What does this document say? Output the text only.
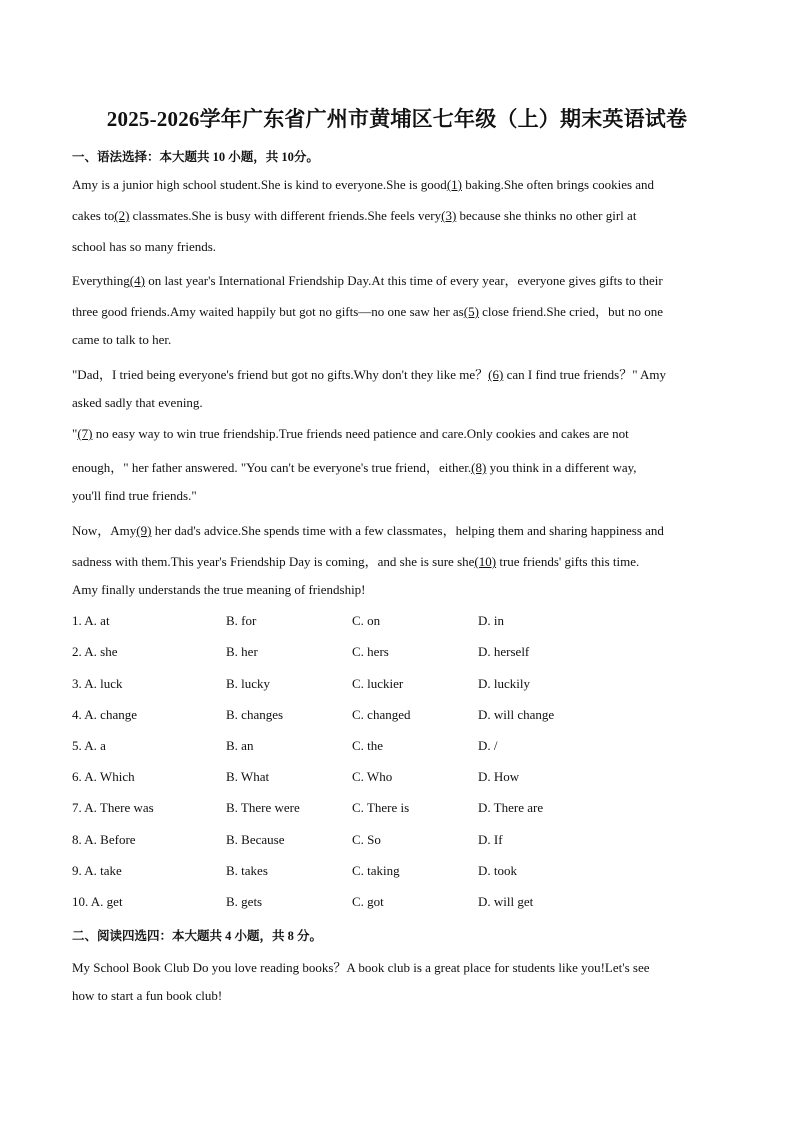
2025-2026学年广东省广州市黄埔区七年级（上）期末英语试卷
一、语法选择：本大题共 10 小题，共 10分。
Amy is a junior high school student.She is kind to everyone.She is good(1) baking.She often brings cookies and
cakes to(2) classmates.She is busy with different friends.She feels very(3) because she thinks no other girl at
school has so many friends.
Everything(4) on last year's International Friendship Day.At this time of every year，everyone gives gifts to their
three good friends.Amy waited happily but got no gifts—no one saw her as(5) close friend.She cried，but no one
came to talk to her.
"Dad，I tried being everyone's friend but got no gifts.Why don't they like me？(6) can I find true friends？" Amy
asked sadly that evening.
"(7) no easy way to win true friendship.True friends need patience and care.Only cookies and cakes are not
enough，" her father answered. "You can't be everyone's true friend，either.(8) you think in a different way,
you'll find true friends."
Now，Amy(9) her dad's advice.She spends time with a few classmates，helping them and sharing happiness and
sadness with them.This year's Friendship Day is coming，and she is sure she(10) true friends' gifts this time.
Amy finally understands the true meaning of friendship!
1. A. at	B. for	C. on	D. in
2. A. she	B. her	C. hers	D. herself
3. A. luck	B. lucky	C. luckier	D. luckily
4. A. change	B. changes	C. changed	D. will change
5. A. a	B. an	C. the	D. /
6. A. Which	B. What	C. Who	D. How
7. A. There was	B. There were	C. There is	D. There are
8. A. Before	B. Because	C. So	D. If
9. A. take	B. takes	C. taking	D. took
10. A. get	B. gets	C. got	D. will get
二、阅读四选四：本大题共 4 小题，共 8 分。
My School Book Club Do you love reading books？A book club is a great place for students like you!Let's see
how to start a fun book club!
